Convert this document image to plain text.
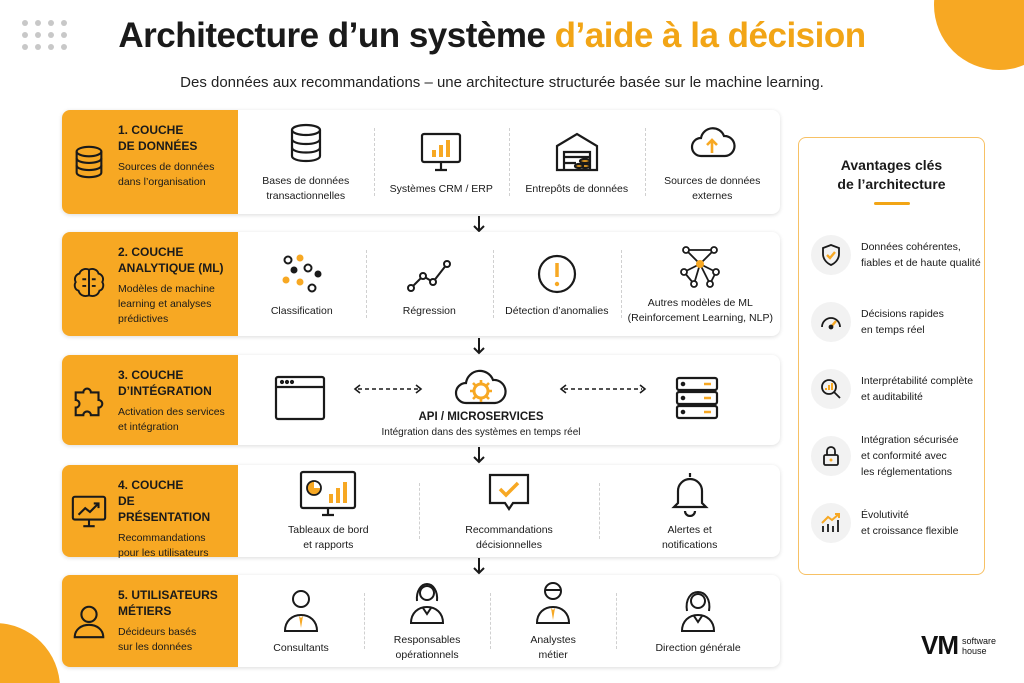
Architecture d’un système d’aide à la décision
Des données aux recommandations – une architecture structurée basée sur le machine learning.
1. COUCHE
DE DONNÉES
Sources de données
dans l’organisation	Bases de données
transactionnelles
Systèmes CRM / ERP	Entrepôts de données
Sources de données
externes
2. COUCHE
ANALYTIQUE (ML)
Modèles de machine
learning et analyses
prédictives
Classification	Régression	Détection d’anomalies
Autres modèles de ML
(Reinforcement Learning, NLP)
3. COUCHE
D’INTÉGRATION
Activation des services
et intégration
API / MICROSERVICES
Intégration dans des systèmes en temps réel
4. COUCHE
DE PRÉSENTATION
Recommandations
pour les utilisateurs
Tableaux de bord
et rapports
Recommandations
décisionnelles
Alertes et
notifications
5. UTILISATEURS
MÉTIERS
Décideurs basés
sur les données	Consultants
Responsables
opérationnels
Analystes
métier
Direction générale
Avantages clés
de l’architecture
Données cohérentes,
fiables et de haute qualité
Décisions rapides
en temps réel
Interprétabilité complète
et auditabilité
Intégration sécurisée
et conformité avec
les réglementations
Évolutivité
et croissance flexible
VM software
house
